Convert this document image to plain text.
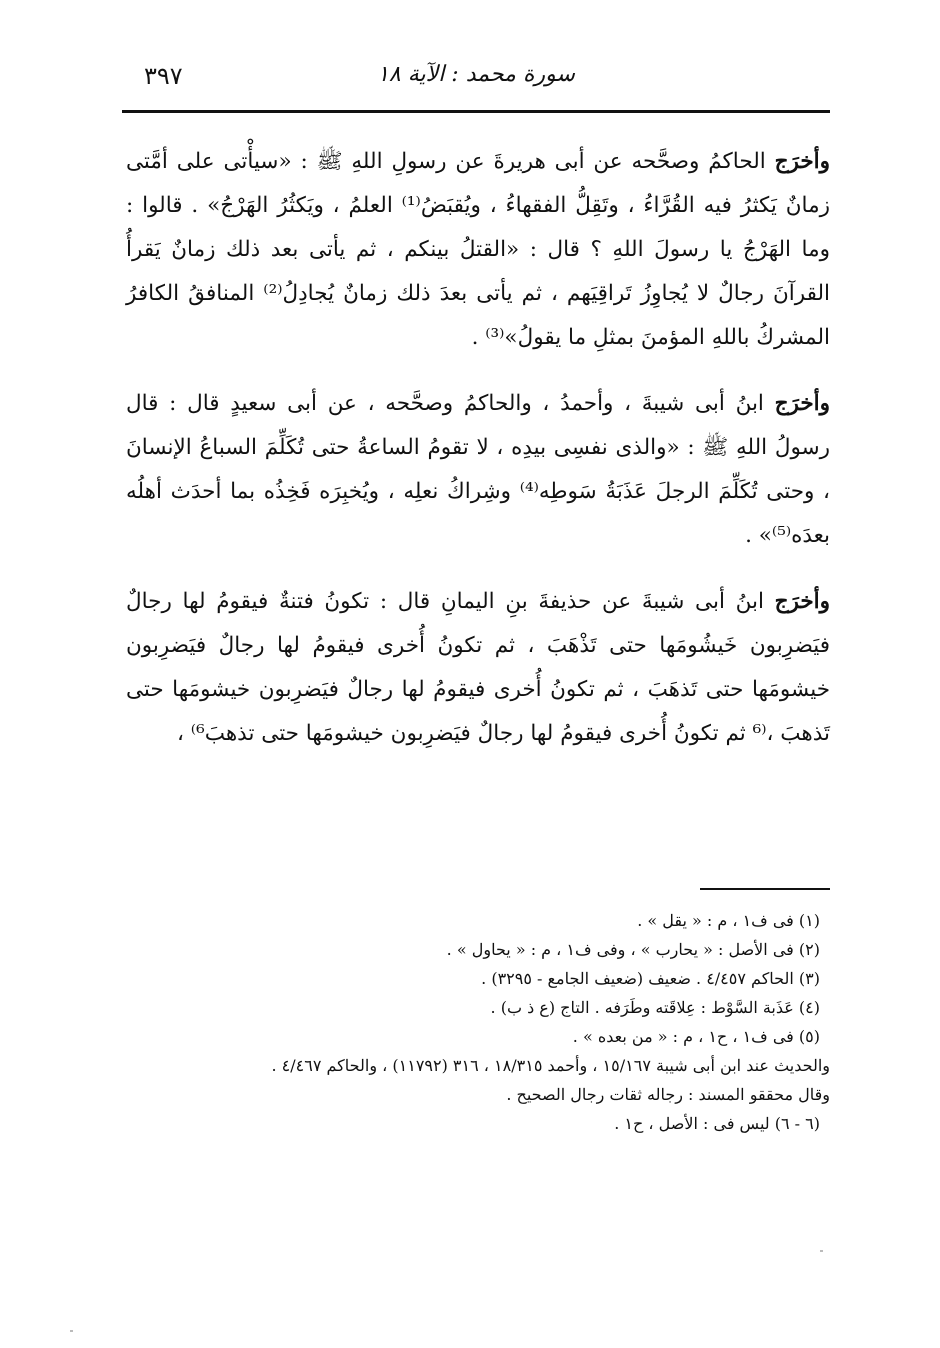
٣٩٧	سورة محمد : الآية ١٨

وأخرَج الحاكمُ وصحَّحه عن أبى هريرةَ عن رسولِ اللهِ ﷺ : «سيأْتى على أمَّتى زمانٌ يَكثرُ فيه القُرَّاءُ ، وتَقِلُّ الفقهاءُ ، ويُقبَضُ⁽¹⁾ العلمُ ، ويَكثُرُ الهَرْجُ» . قالوا : وما الهَرْجُ يا رسولَ اللهِ ؟ قال : «القتلُ بينكم ، ثم يأتى بعد ذلك زمانٌ يَقرأُ القرآنَ رجالٌ لا يُجاوِزُ تَراقِيَهم ، ثم يأتى بعدَ ذلك زمانٌ يُجادِلُ⁽²⁾ المنافقُ الكافرُ المشركُ باللهِ المؤمنَ بمثلِ ما يقولُ»⁽³⁾ .

وأخرَج ابنُ أبى شيبةَ ، وأحمدُ ، والحاكمُ وصحَّحه ، عن أبى سعيدٍ قال : قال رسولُ اللهِ ﷺ : «والذى نفسِى بيدِه ، لا تقومُ الساعةُ حتى تُكَلِّمَ السباعُ الإنسانَ ، وحتى تُكَلِّمَ الرجلَ عَذَبَةُ سَوطِه⁽⁴⁾ وشِراكُ نعلِه ، ويُخبِرَه فَخِذُه بما أحدَث أهلُه بعدَه⁽⁵⁾» .

وأخرَج ابنُ أبى شيبةَ عن حذيفةَ بنِ اليمانِ قال : تكونُ فتنةٌ فيقومُ لها رجالٌ فيَضرِبون خَيشُومَها حتى تَذْهَبَ ، ثم تكونُ أُخرى فيقومُ لها رجالٌ فيَضرِبون خيشومَها حتى تَذهَبَ ، ثم تكونُ أُخرى فيقومُ لها رجالٌ فيَضرِبون خيشومَها حتى تَذهبَ ،⁽⁶ ثم تكونُ أُخرى فيقومُ لها رجالٌ فيَضرِبون خيشومَها حتى تذهبَ⁶⁾ ،

(١) فى ف١ ، م : « يقل » .

(٢) فى الأصل : « يحارب » ، وفى ف١ ، م : « يحاول » .

(٣) الحاكم ٤/٤٥٧ . ضعيف (ضعيف الجامع - ٣٢٩٥) .

(٤) عَذَبة السَّوْط : عِلاقَته وطَرَفه . التاج (ع ذ ب) .

(٥) فى ف١ ، ح١ ، م : « من بعده » .

والحديث عند ابن أبى شيبة ١٥/١٦٧ ، وأحمد ١٨/٣١٥ ، ٣١٦ (١١٧٩٢) ، والحاكم ٤/٤٦٧ .

وقال محققو المسند : رجاله ثقات رجال الصحيح .

(٦ - ٦) ليس فى : الأصل ، ح١ .
